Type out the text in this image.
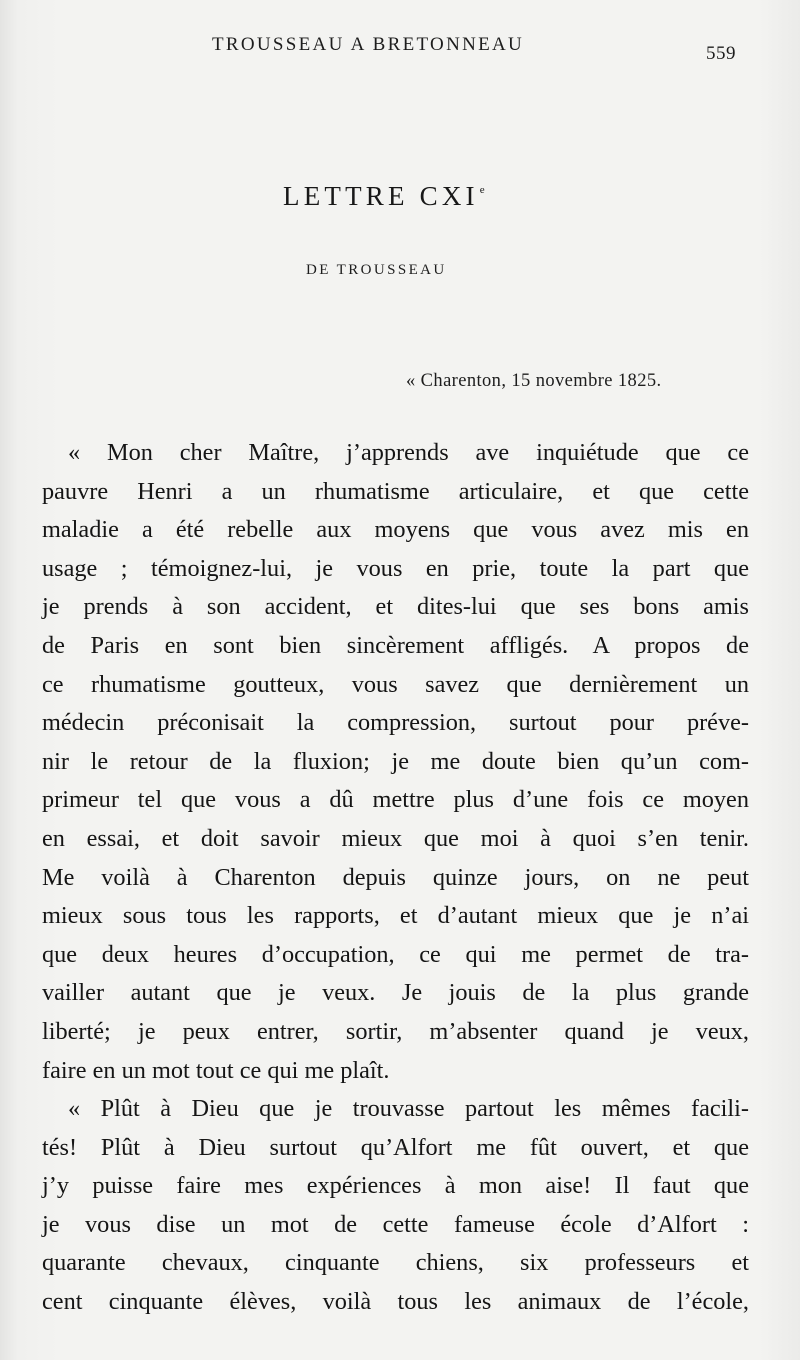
TROUSSEAU A BRETONNEAU	559
LETTRE CXIe
DE TROUSSEAU
« Charenton, 15 novembre 1825.
« Mon cher Maître, j’apprends ave inquiétude que ce
pauvre Henri a un rhumatisme articulaire, et que cette
maladie a été rebelle aux moyens que vous avez mis en
usage ; témoignez-lui, je vous en prie, toute la part que
je prends à son accident, et dites-lui que ses bons amis
de Paris en sont bien sincèrement affligés. A propos de
ce rhumatisme goutteux, vous savez que dernièrement un
médecin préconisait la compression, surtout pour préve-
nir le retour de la fluxion; je me doute bien qu’un com-
primeur tel que vous a dû mettre plus d’une fois ce moyen
en essai, et doit savoir mieux que moi à quoi s’en tenir.
Me voilà à Charenton depuis quinze jours, on ne peut
mieux sous tous les rapports, et d’autant mieux que je n’ai
que deux heures d’occupation, ce qui me permet de tra-
vailler autant que je veux. Je jouis de la plus grande
liberté; je peux entrer, sortir, m’absenter quand je veux,
faire en un mot tout ce qui me plaît.
« Plût à Dieu que je trouvasse partout les mêmes facili-
tés! Plût à Dieu surtout qu’Alfort me fût ouvert, et que
j’y puisse faire mes expériences à mon aise! Il faut que
je vous dise un mot de cette fameuse école d’Alfort :
quarante chevaux, cinquante chiens, six professeurs et
cent cinquante élèves, voilà tous les animaux de l’école,
